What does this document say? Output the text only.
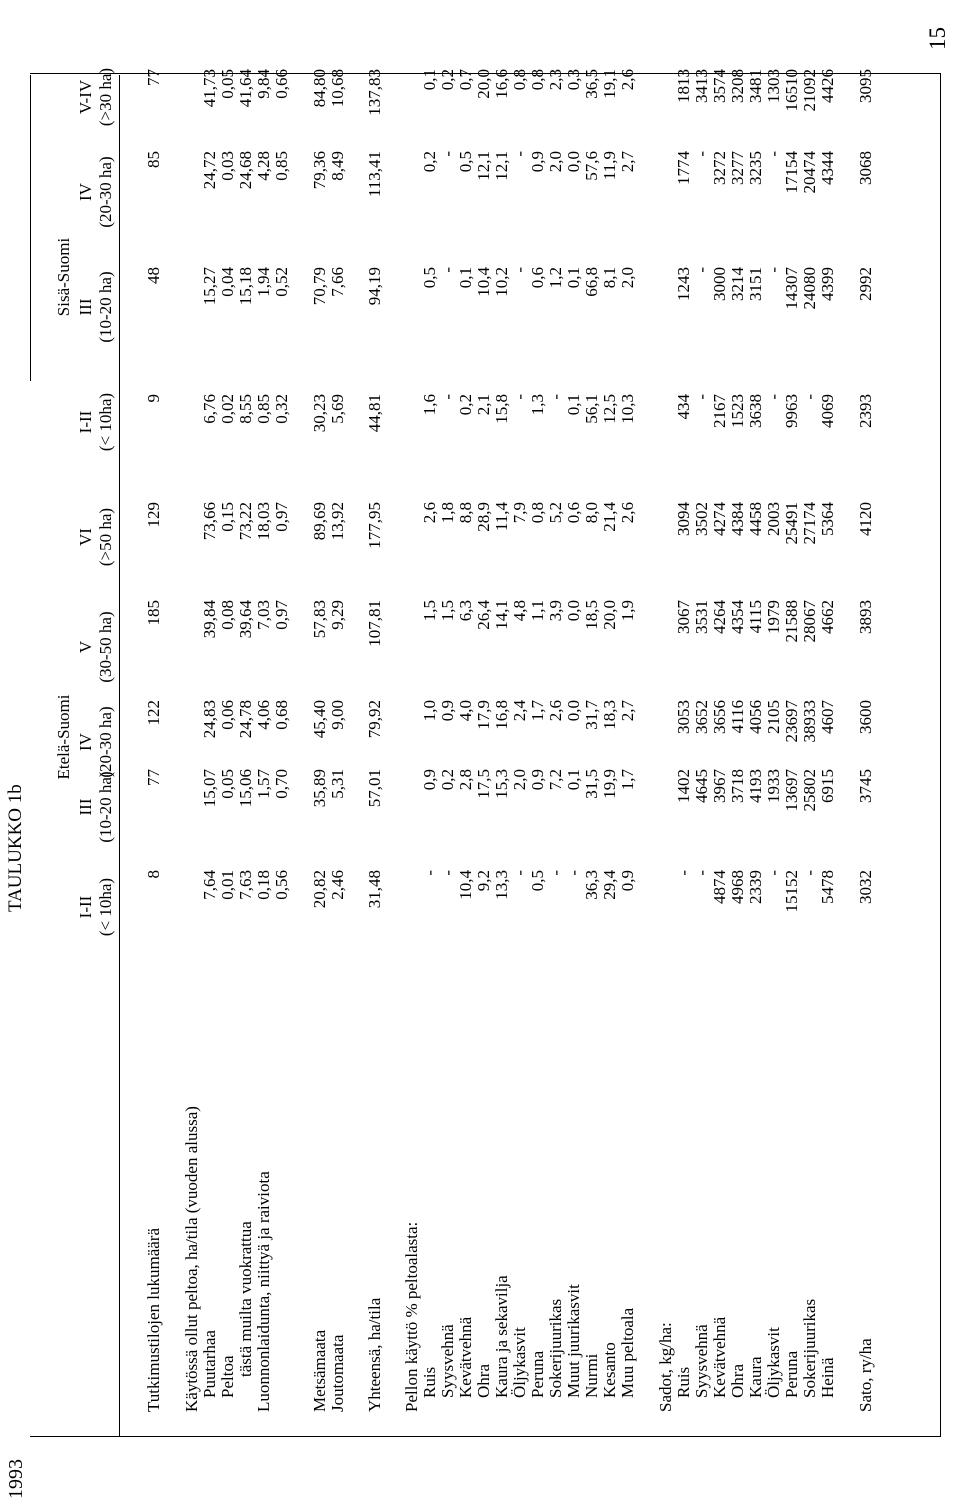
1993
TAULUKKO 1b
15
Etelä-Suomi
Sisä-Suomi
I-II (< 10ha)
III (10-20 ha)
IV (20-30 ha)
V (30-50 ha)
VI (>50 ha)
I-II (< 10ha)
III (10-20 ha)
IV (20-30 ha)
V-IV (>30 ha)
Tutkimustilojen lukumäärä
8
77
122
185
129
9
48
85
77
Käytössä ollut peltoa, ha/tila (vuoden alussa) Puutarhaa
7,64
15,07
24,83
39,84
73,66
6,76
15,27
24,72
41,73
Peltoa
0,01
0,05
0,06
0,08
0,15
0,02
0,04
0,03
0,05
tästä muilta vuokrattua
7,63
15,06
24,78
39,64
73,22
8,55
15,18
24,68
41,64
Luonnonlaidunta, niittyä ja raiviota
0,18
1,57
4,06
7,03
18,03
0,85
1,94
4,28
9,84
0,56
0,70
0,68
0,97
0,97
0,32
0,52
0,85
0,66
Metsämaata
20,82
35,89
45,40
57,83
89,69
30,23
70,79
79,36
84,80
Joutomaata
2,46
5,31
9,00
9,29
13,92
5,69
7,66
8,49
10,68
Yhteensä, ha/tila
31,48
57,01
79,92
107,81
177,95
44,81
94,19
113,41
137,83
Pellon käyttö % peltoalasta: Ruis
-
0,9
1,0
1,5
2,6
1,6
0,5
0,2
0,1
Syysvehnä
-
0,2
0,9
1,5
1,8
-
-
-
0,2
Kevätvehnä
10,4
2,8
4,0
6,3
8,8
0,2
0,1
0,5
0,7
Ohra
9,2
17,5
17,9
26,4
28,9
2,1
10,4
12,1
20,0
Kaura ja sekavilja
13,3
15,3
16,8
14,1
11,4
15,8
10,2
12,1
16,6
Öljykasvit
-
2,0
2,4
4,8
7,9
-
-
-
0,8
Peruna
0,5
0,9
1,7
1,1
0,8
1,3
0,6
0,9
0,8
Sokerijuurikas
-
7,2
2,6
3,9
5,2
-
1,2
2,0
2,3
Muut juurikasvit
-
0,1
0,0
0,0
0,6
0,1
0,1
0,0
0,3
Nurmi
36,3
31,5
31,7
18,5
8,0
56,1
66,8
57,6
36,5
Kesanto
29,4
19,9
18,3
20,0
21,4
12,5
8,1
11,9
19,1
Muu peltoala
0,9
1,7
2,7
1,9
2,6
10,3
2,0
2,7
2,6
Sadot, kg/ha: Ruis
-
1402
3053
3067
3094
434
1243
1774
1813
Syysvehnä
-
4645
3652
3531
3502
-
-
-
3413
Kevätvehnä
4874
3967
3656
4264
4274
2167
3000
3272
3574
Ohra
4968
3718
4116
4354
4384
1523
3214
3277
3208
Kaura
2339
4193
4056
4115
4458
3638
3151
3235
3481
Öljykasvit
-
1933
2105
1979
2003
-
-
-
1303
Peruna
15152
13697
23697
21588
25491
9963
14307
17154
16510
Sokerijuurikas
-
25802
38933
28067
27174
-
24080
20474
21092
Heinä
5478
6915
4607
4662
5364
4069
4399
4344
4426
Sato, ry/ha
3032
3745
3600
3893
4120
2393
2992
3068
3095
